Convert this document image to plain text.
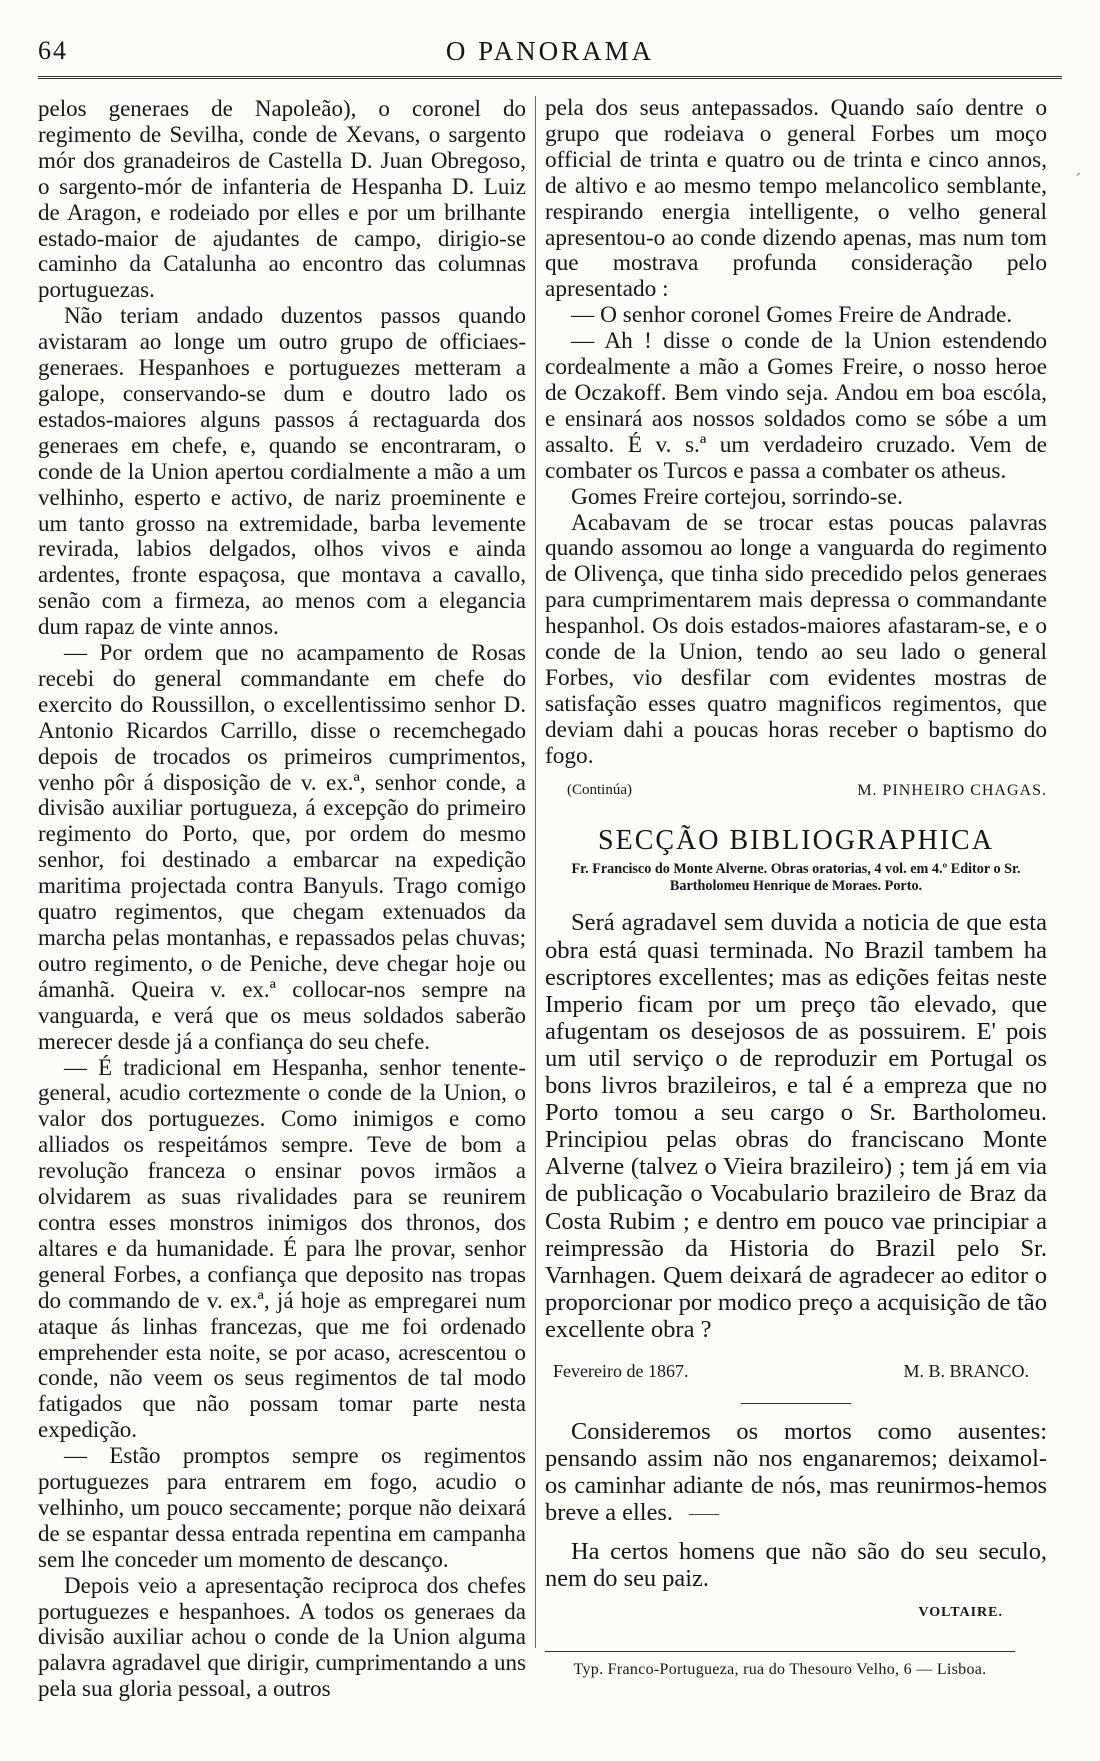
64	O PANORAMA
´

pelos generaes de Napoleão), o coronel do regimento de Sevilha, conde de Xevans, o sargento mór dos granadeiros de Castella D. Juan Obregoso, o sargento-mór de infanteria de Hespanha D. Luiz de Aragon, e rodeiado por elles e por um brilhante estado-maior de ajudantes de campo, dirigio-se caminho da Catalunha ao encontro das columnas portuguezas.

Não teriam andado duzentos passos quando avistaram ao longe um outro grupo de officiaes-generaes. Hespanhoes e portuguezes metteram a galope, conservando-se dum e doutro lado os estados-maiores alguns passos á rectaguarda dos generaes em chefe, e, quando se encontraram, o conde de la Union apertou cordialmente a mão a um velhinho, esperto e activo, de nariz proeminente e um tanto grosso na extremidade, barba levemente revirada, labios delgados, olhos vivos e ainda ardentes, fronte espaçosa, que montava a cavallo, senão com a firmeza, ao menos com a elegancia dum rapaz de vinte annos.

— Por ordem que no acampamento de Rosas recebi do general commandante em chefe do exercito do Roussillon, o excellentissimo senhor D. Antonio Ricardos Carrillo, disse o recemchegado depois de trocados os primeiros cumprimentos, venho pôr á disposição de v. ex.ª, senhor conde, a divisão auxiliar portugueza, á excepção do primeiro regimento do Porto, que, por ordem do mesmo senhor, foi destinado a embarcar na expedição maritima projectada contra Banyuls. Trago comigo quatro regimentos, que chegam extenuados da marcha pelas montanhas, e repassados pelas chuvas; outro regimento, o de Peniche, deve chegar hoje ou ámanhã. Queira v. ex.ª collocar-nos sempre na vanguarda, e verá que os meus soldados saberão merecer desde já a confiança do seu chefe.

— É tradicional em Hespanha, senhor tenente-general, acudio cortezmente o conde de la Union, o valor dos portuguezes. Como inimigos e como alliados os respeitámos sempre. Teve de bom a revolução franceza o ensinar povos irmãos a olvidarem as suas rivalidades para se reunirem contra esses monstros inimigos dos thronos, dos altares e da humanidade. É para lhe provar, senhor general Forbes, a confiança que deposito nas tropas do commando de v. ex.ª, já hoje as empregarei num ataque ás linhas francezas, que me foi ordenado emprehender esta noite, se por acaso, acrescentou o conde, não veem os seus regimentos de tal modo fatigados que não possam tomar parte nesta expedição.

— Estão promptos sempre os regimentos portuguezes para entrarem em fogo, acudio o velhinho, um pouco seccamente; porque não deixará de se espantar dessa entrada repentina em campanha sem lhe conceder um momento de descanço.

Depois veio a apresentação reciproca dos chefes portuguezes e hespanhoes. A todos os generaes da divisão auxiliar achou o conde de la Union alguma palavra agradavel que dirigir, cumprimentando a uns pela sua gloria pessoal, a outros

pela dos seus antepassados. Quando saío dentre o grupo que rodeiava o general Forbes um moço official de trinta e quatro ou de trinta e cinco annos, de altivo e ao mesmo tempo melancolico semblante, respirando energia intelligente, o velho general apresentou-o ao conde dizendo apenas, mas num tom que mostrava profunda consideração pelo apresentado :

— O senhor coronel Gomes Freire de Andrade.

— Ah ! disse o conde de la Union estendendo cordealmente a mão a Gomes Freire, o nosso heroe de Oczakoff. Bem vindo seja. Andou em boa escóla, e ensinará aos nossos soldados como se sóbe a um assalto. É v. s.ª um verdadeiro cruzado. Vem de combater os Turcos e passa a combater os atheus.

Gomes Freire cortejou, sorrindo-se.

Acabavam de se trocar estas poucas palavras quando assomou ao longe a vanguarda do regimento de Olivença, que tinha sido precedido pelos generaes para cumprimentarem mais depressa o commandante hespanhol. Os dois estados-maiores afastaram-se, e o conde de la Union, tendo ao seu lado o general Forbes, vio desfilar com evidentes mostras de satisfação esses quatro magnificos regimentos, que deviam dahi a poucas horas receber o baptismo do fogo.

(Continúa)	M. PINHEIRO CHAGAS.
SECÇÃO BIBLIOGRAPHICA
Fr. Francisco do Monte Alverne. Obras oratorias, 4 vol. em 4.º Editor o Sr. Bartholomeu Henrique de Moraes. Porto.

Será agradavel sem duvida a noticia de que esta obra está quasi terminada. No Brazil tambem ha escriptores excellentes; mas as edições feitas neste Imperio ficam por um preço tão elevado, que afugentam os desejosos de as possuirem. E' pois um util serviço o de reproduzir em Portugal os bons livros brazileiros, e tal é a empreza que no Porto tomou a seu cargo o Sr. Bartholomeu. Principiou pelas obras do franciscano Monte Alverne (talvez o Vieira brazileiro) ; tem já em via de publicação o Vocabulario brazileiro de Braz da Costa Rubim ; e dentro em pouco vae principiar a reimpressão da Historia do Brazil pelo Sr. Varnhagen. Quem deixará de agradecer ao editor o proporcionar por modico preço a acquisição de tão excellente obra ?

Fevereiro de 1867.	M. B. BRANCO.

Consideremos os mortos como ausentes: pensando assim não nos enganaremos; deixamol-os caminhar adiante de nós, mas reunirmos-hemos breve a elles.

Ha certos homens que não são do seu seculo, nem do seu paiz.

VOLTAIRE.
Typ. Franco-Portugueza, rua do Thesouro Velho, 6 — Lisboa.
